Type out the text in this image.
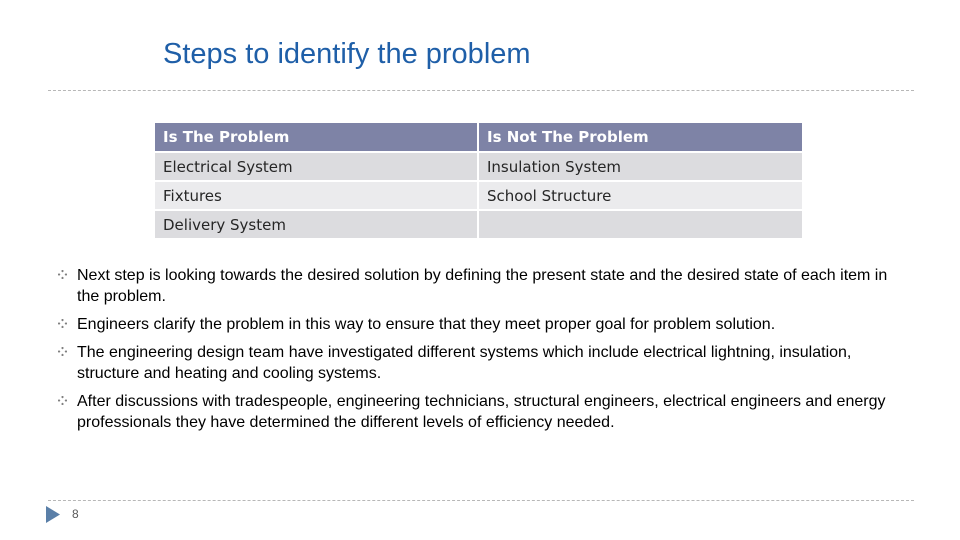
Steps to identify the problem
Is The Problem	Is Not The Problem
Electrical System	Insulation System
Fixtures	School Structure
Delivery System	
Next step is looking towards the desired solution by defining the present state and the desired state of each item in the problem.
Engineers clarify the problem in this way to ensure that they meet proper goal for problem solution.
The engineering design team have investigated different systems which include electrical lightning, insulation, structure and heating and cooling systems.
After discussions with tradespeople, engineering technicians, structural engineers, electrical engineers and energy professionals they have determined the different levels of efficiency needed.
8
